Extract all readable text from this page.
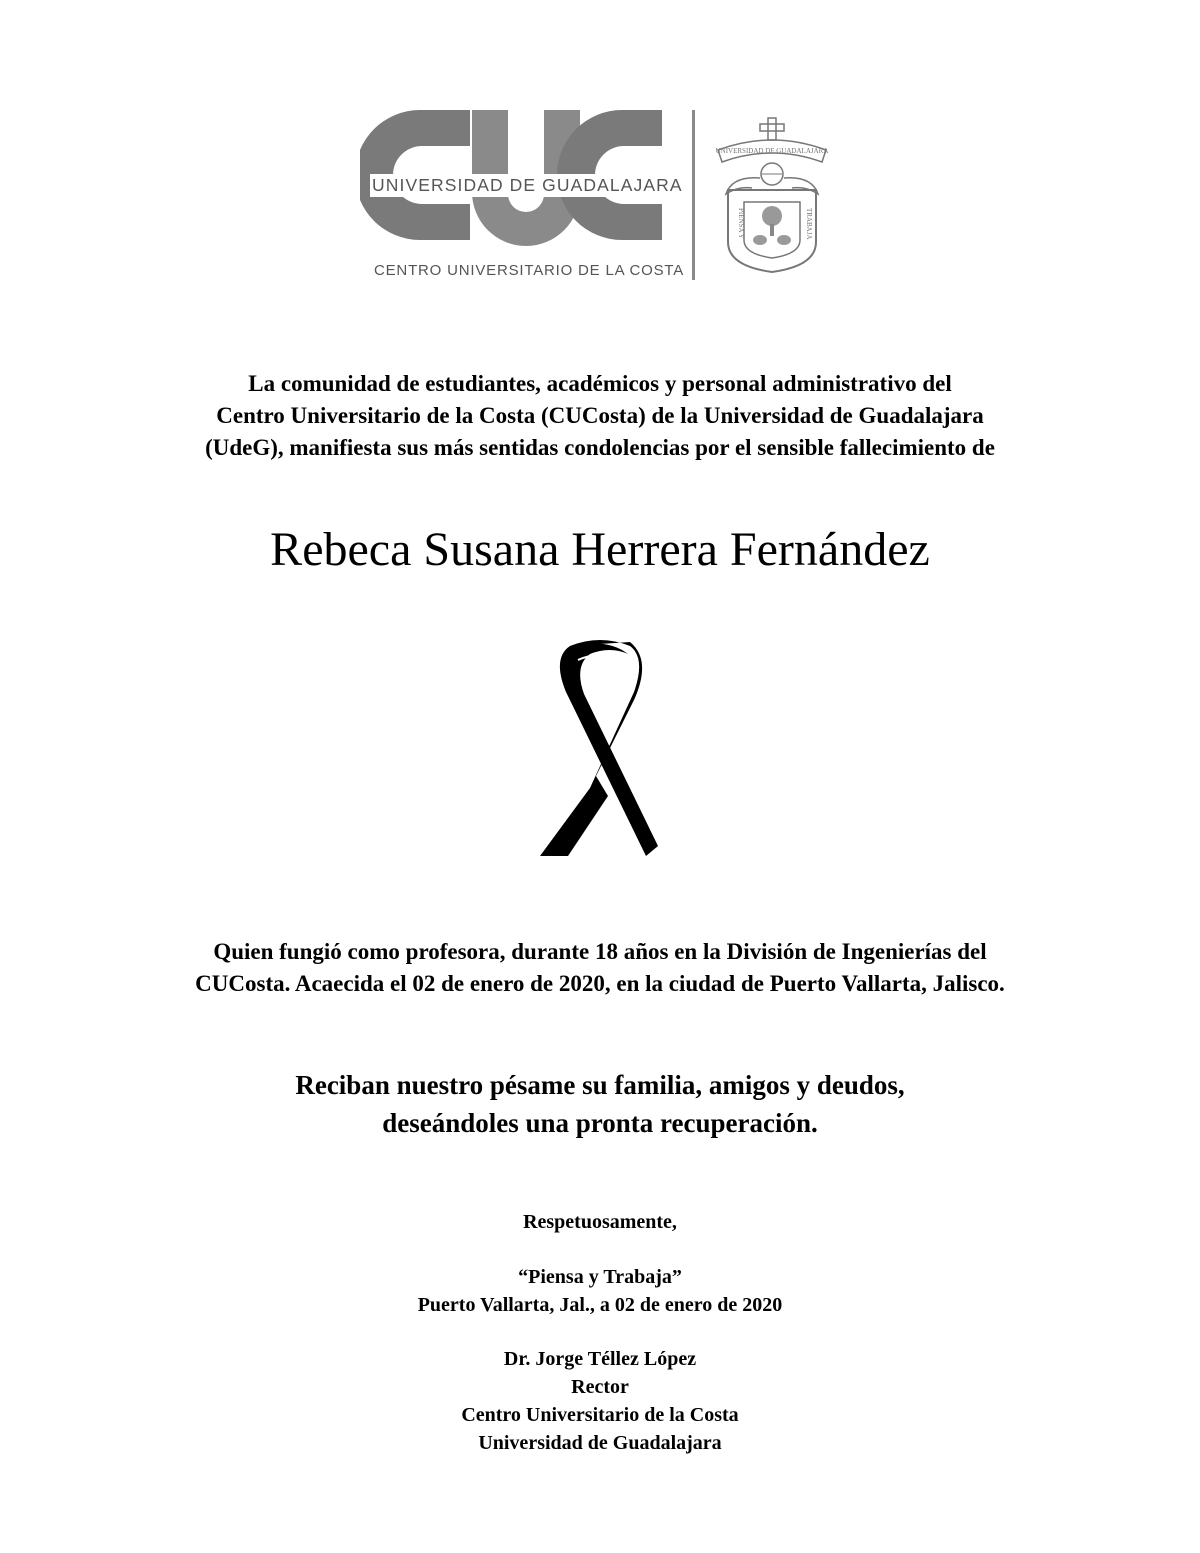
UNIVERSIDAD DE GUADALAJARA
CENTRO UNIVERSITARIO DE LA COSTA
UNIVERSIDAD DE GUADALAJARA
PIENSA Y	TRABAJA
La comunidad de estudiantes, académicos y personal administrativo del
Centro Universitario de la Costa (CUCosta) de la Universidad de Guadalajara
(UdeG), manifiesta sus más sentidas condolencias por el sensible fallecimiento de
Rebeca Susana Herrera Fernández
Quien fungió como profesora, durante 18 años en la División de Ingenierías del
CUCosta. Acaecida el 02 de enero de 2020, en la ciudad de Puerto Vallarta, Jalisco.
Reciban nuestro pésame su familia, amigos y deudos,
deseándoles una pronta recuperación.
Respetuosamente,
“Piensa y Trabaja”
Puerto Vallarta, Jal., a 02 de enero de 2020
Dr. Jorge Téllez López
Rector
Centro Universitario de la Costa
Universidad de Guadalajara
